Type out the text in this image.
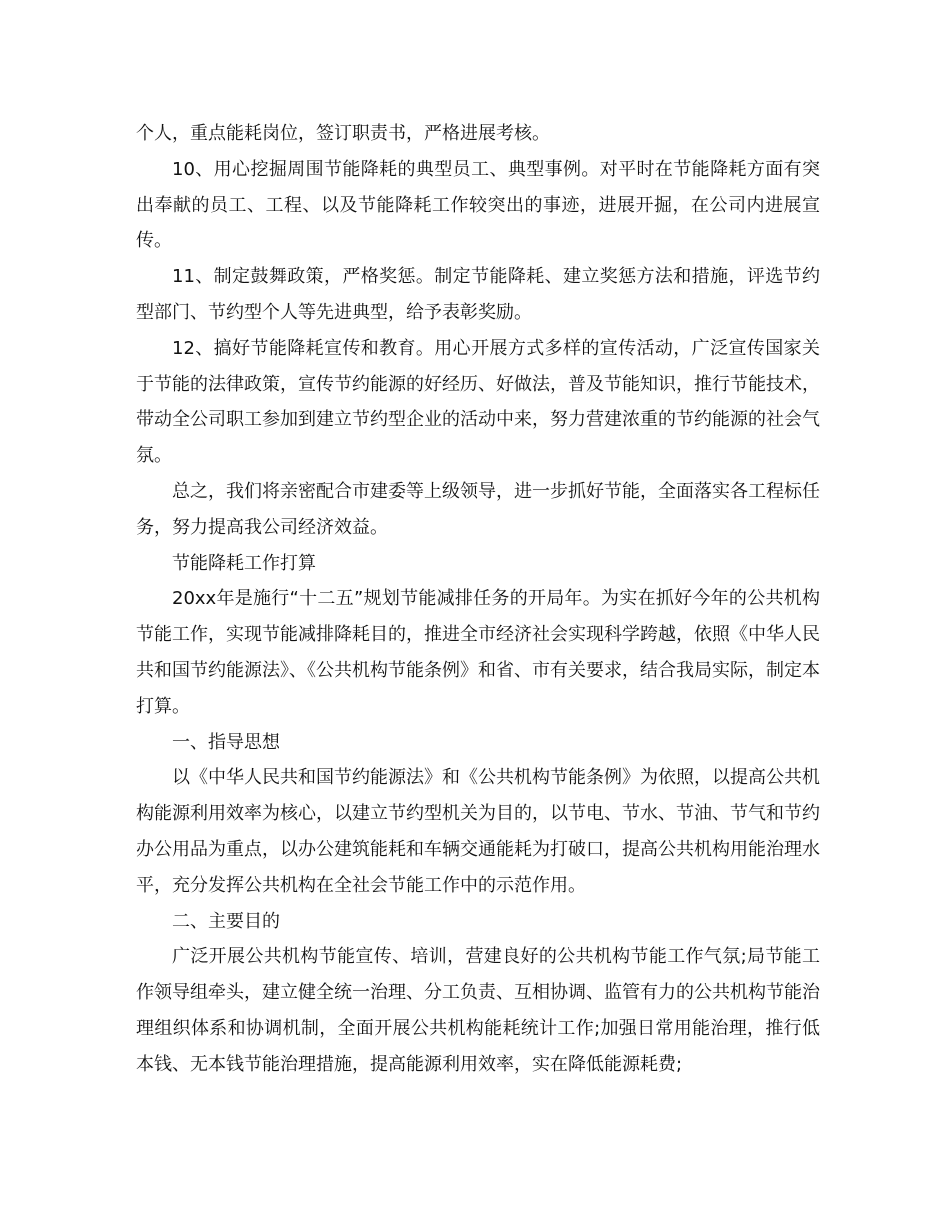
个人，重点能耗岗位，签订职责书，严格进展考核。

10、用心挖掘周围节能降耗的典型员工、典型事例。对平时在节能降耗方面有突出奉献的员工、工程、以及节能降耗工作较突出的事迹，进展开掘，在公司内进展宣传。

11、制定鼓舞政策，严格奖惩。制定节能降耗、建立奖惩方法和措施，评选节约型部门、节约型个人等先进典型，给予表彰奖励。

12、搞好节能降耗宣传和教育。用心开展方式多样的宣传活动，广泛宣传国家关于节能的法律政策，宣传节约能源的好经历、好做法，普及节能知识，推行节能技术，带动全公司职工参加到建立节约型企业的活动中来，努力营建浓重的节约能源的社会气氛。

总之，我们将亲密配合市建委等上级领导，进一步抓好节能，全面落实各工程标任务，努力提高我公司经济效益。

节能降耗工作打算

20xx年是施行“十二五”规划节能减排任务的开局年。为实在抓好今年的公共机构节能工作，实现节能减排降耗目的，推进全市经济社会实现科学跨越，依照《中华人民共和国节约能源法》、《公共机构节能条例》和省、市有关要求，结合我局实际，制定本打算。

一、指导思想

以《中华人民共和国节约能源法》和《公共机构节能条例》为依照，以提高公共机构能源利用效率为核心，以建立节约型机关为目的，以节电、节水、节油、节气和节约办公用品为重点，以办公建筑能耗和车辆交通能耗为打破口，提高公共机构用能治理水平，充分发挥公共机构在全社会节能工作中的示范作用。

二、主要目的

广泛开展公共机构节能宣传、培训，营建良好的公共机构节能工作气氛;局节能工作领导组牵头，建立健全统一治理、分工负责、互相协调、监管有力的公共机构节能治理组织体系和协调机制，全面开展公共机构能耗统计工作;加强日常用能治理，推行低本钱、无本钱节能治理措施，提高能源利用效率，实在降低能源耗费;
